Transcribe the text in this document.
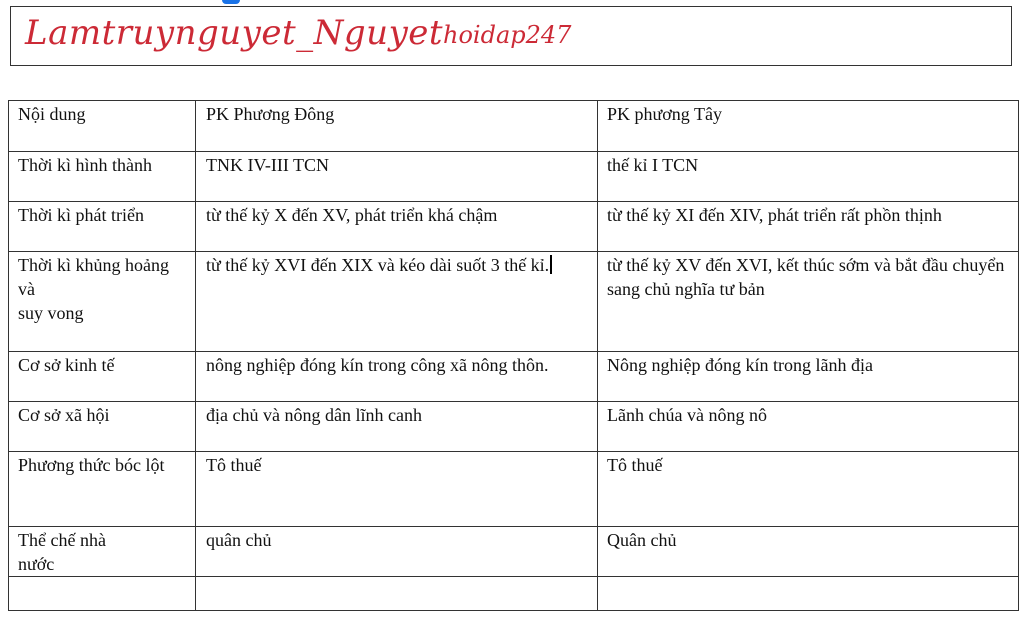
Lamtruynguyet_Nguyet hoidap247
Nội dung	PK Phương Đông	PK phương Tây
Thời kì hình thành	TNK IV-III TCN	thế kỉ I TCN
Thời kì phát triển	từ thế kỷ X đến XV, phát triển khá chậm	từ thế kỷ XI đến XIV, phát triển rất phồn thịnh
Thời kì khủng hoảng và
suy vong	từ thế kỷ XVI đến XIX và kéo dài suốt 3 thế kỉ.	từ thế kỷ XV đến XVI, kết thúc sớm và bắt đầu chuyển sang chủ nghĩa tư bản
Cơ sở kinh tế	nông nghiệp đóng kín trong công xã nông thôn.	Nông nghiệp đóng kín trong lãnh địa
Cơ sở xã hội	địa chủ và nông dân lĩnh canh	Lãnh chúa và nông nô
Phương thức bóc lột	Tô thuế	Tô thuế
Thể chế nhà
nước	quân chủ	Quân chủ
